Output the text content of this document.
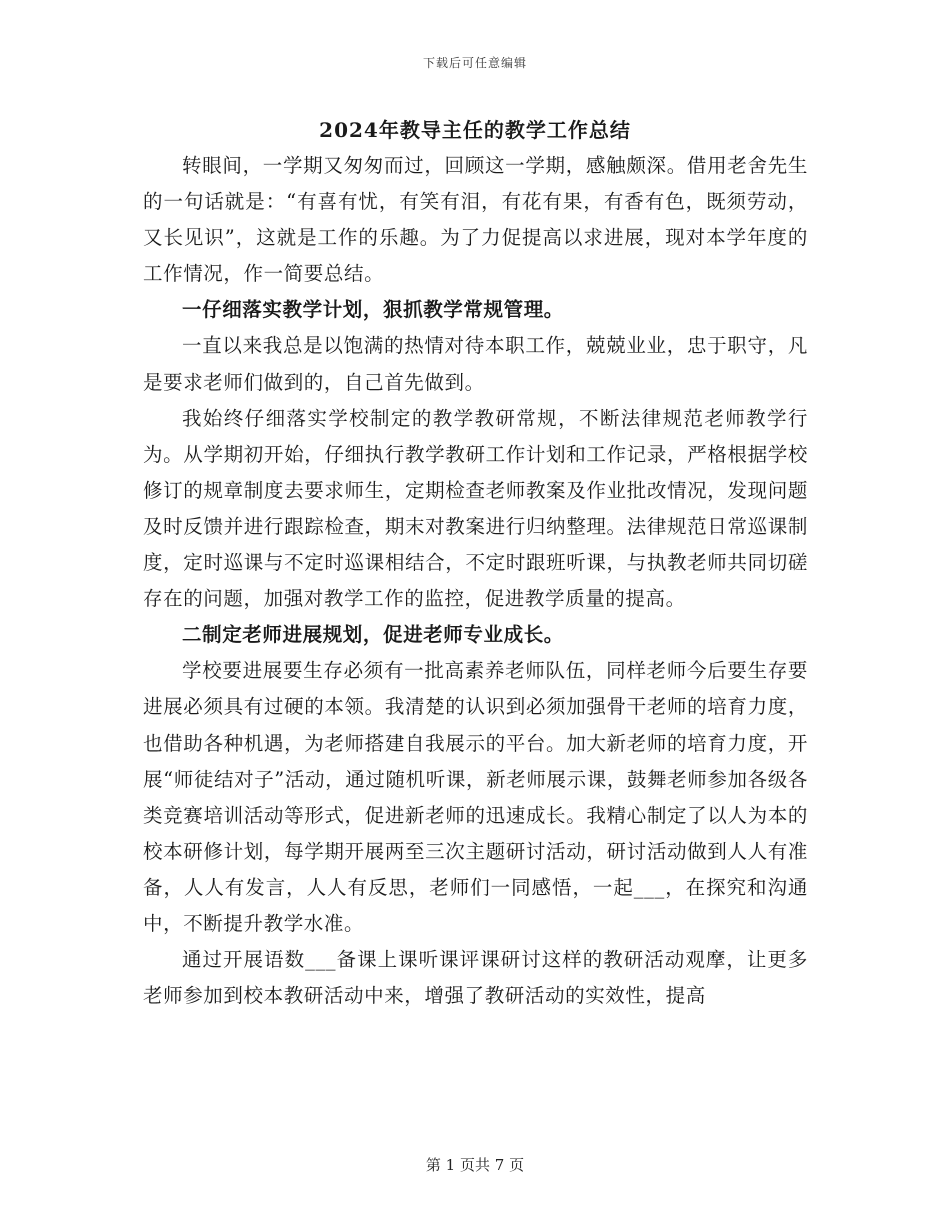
下载后可任意编辑
2024年教导主任的教学工作总结

转眼间，一学期又匆匆而过，回顾这一学期，感触颇深。借用老舍先生的一句话就是：“有喜有忧，有笑有泪，有花有果，有香有色，既须劳动，又长见识”，这就是工作的乐趣。为了力促提高以求进展，现对本学年度的工作情况，作一简要总结。

一仔细落实教学计划，狠抓教学常规管理。

一直以来我总是以饱满的热情对待本职工作，兢兢业业，忠于职守，凡是要求老师们做到的，自己首先做到。

我始终仔细落实学校制定的教学教研常规，不断法律规范老师教学行为。从学期初开始，仔细执行教学教研工作计划和工作记录，严格根据学校修订的规章制度去要求师生，定期检查老师教案及作业批改情况，发现问题及时反馈并进行跟踪检查，期末对教案进行归纳整理。法律规范日常巡课制度，定时巡课与不定时巡课相结合，不定时跟班听课，与执教老师共同切磋存在的问题，加强对教学工作的监控，促进教学质量的提高。

二制定老师进展规划，促进老师专业成长。

学校要进展要生存必须有一批高素养老师队伍，同样老师今后要生存要进展必须具有过硬的本领。我清楚的认识到必须加强骨干老师的培育力度，也借助各种机遇，为老师搭建自我展示的平台。加大新老师的培育力度，开展“师徒结对子”活动，通过随机听课，新老师展示课，鼓舞老师参加各级各类竞赛培训活动等形式，促进新老师的迅速成长。我精心制定了以人为本的校本研修计划，每学期开展两至三次主题研讨活动，研讨活动做到人人有准备，人人有发言，人人有反思，老师们一同感悟，一起___，在探究和沟通中，不断提升教学水准。

通过开展语数___备课上课听课评课研讨这样的教研活动观摩，让更多老师参加到校本教研活动中来，增强了教研活动的实效性，提高

第 1 页共 7 页
